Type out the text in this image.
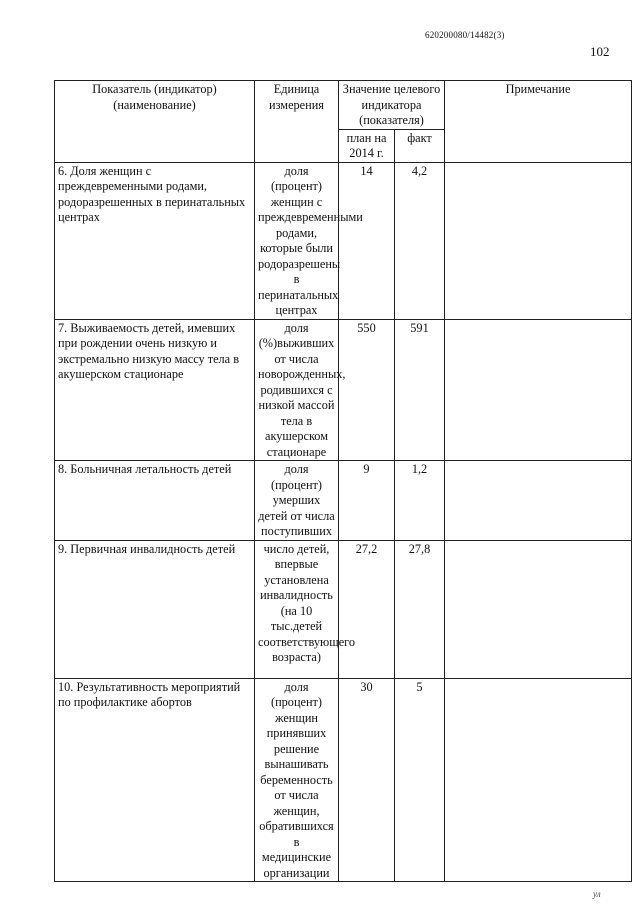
620200080/14482(3)
102
Показатель (индикатор) (наименование)	Единица измерения	Значение целевого индикатора (показателя)		Примечание
		план на 2014 г.	факт	
6. Доля женщин с преждевременными родами, родоразрешенных в перинатальных центрах	доля (процент) женщин с преждевременными родами, которые были родоразрешены в перинатальных центрах	14	4,2	
7. Выживаемость детей, имевших при рождении очень низкую и экстремально низкую массу тела в акушерском стационаре	доля (%)выживших от числа новорожденных, родившихся с низкой массой тела в акушерском стационаре	550	591	
8. Больничная летальность детей	доля (процент) умерших детей от числа поступивших	9	1,2	
9. Первичная инвалидность детей	число детей, впервые установлена инвалидность (на 10 тыс.детей соответствующего возраста)	27,2	27,8	
10. Результативность мероприятий по профилактике абортов	доля (процент) женщин принявших решение вынашивать беременность от числа женщин, обратившихся в медицинские организации	30	5	
ул
